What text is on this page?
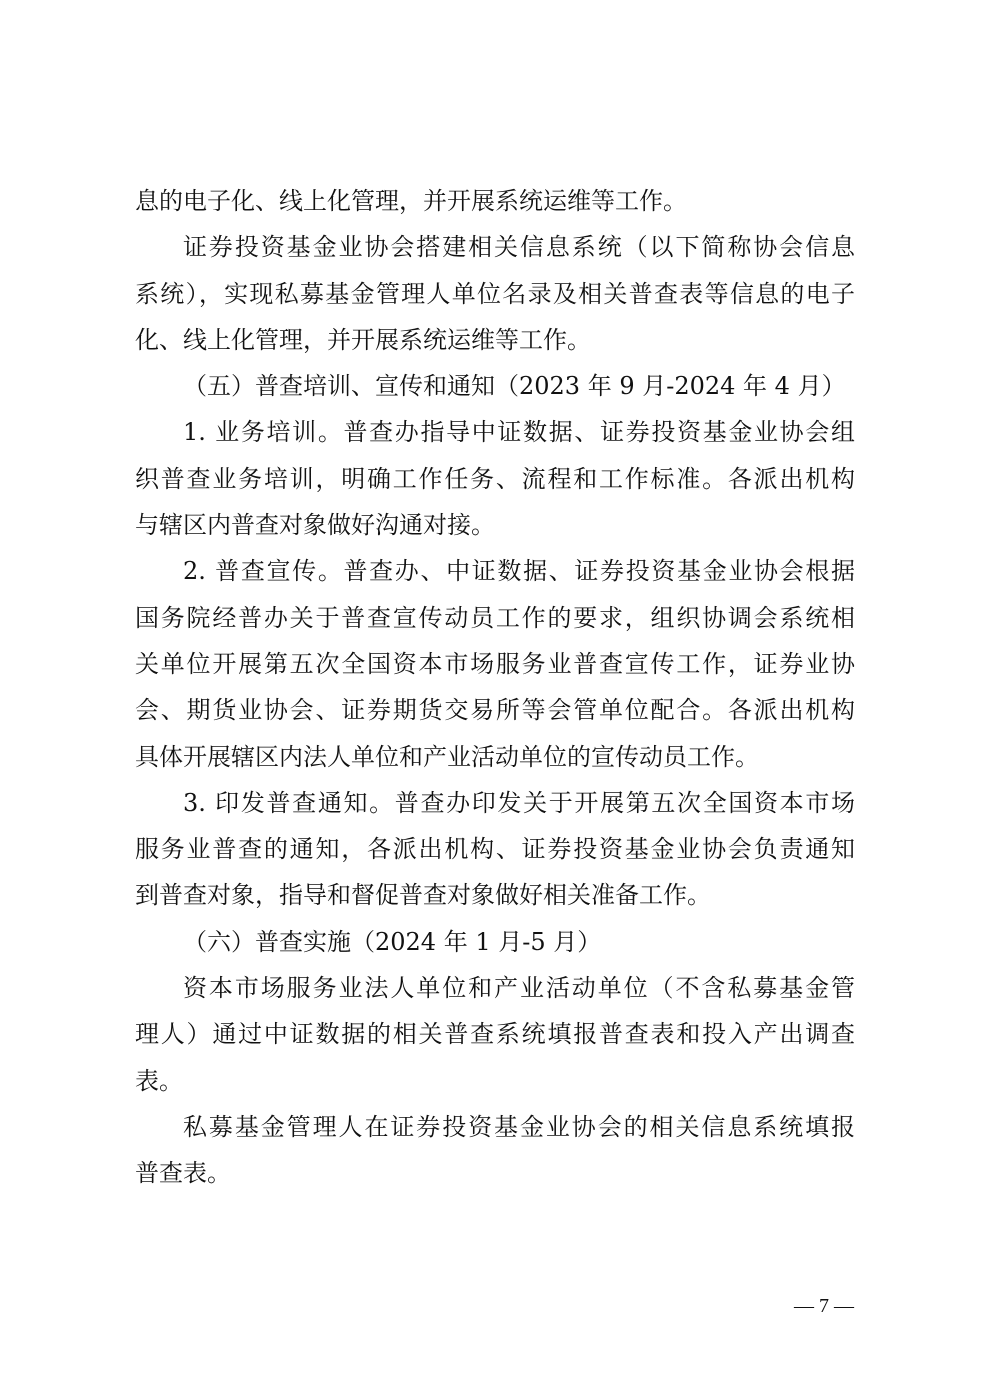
息的电子化、线上化管理，并开展系统运维等工作。
证券投资基金业协会搭建相关信息系统（以下简称协会信息
系统），实现私募基金管理人单位名录及相关普查表等信息的电子
化、线上化管理，并开展系统运维等工作。
（五）普查培训、宣传和通知（2023 年 9 月-2024 年 4 月）
1. 业务培训。普查办指导中证数据、证券投资基金业协会组
织普查业务培训，明确工作任务、流程和工作标准。各派出机构
与辖区内普查对象做好沟通对接。
2. 普查宣传。普查办、中证数据、证券投资基金业协会根据
国务院经普办关于普查宣传动员工作的要求，组织协调会系统相
关单位开展第五次全国资本市场服务业普查宣传工作，证券业协
会、期货业协会、证券期货交易所等会管单位配合。各派出机构
具体开展辖区内法人单位和产业活动单位的宣传动员工作。
3. 印发普查通知。普查办印发关于开展第五次全国资本市场
服务业普查的通知，各派出机构、证券投资基金业协会负责通知
到普查对象，指导和督促普查对象做好相关准备工作。
（六）普查实施（2024 年 1 月-5 月）
资本市场服务业法人单位和产业活动单位（不含私募基金管
理人）通过中证数据的相关普查系统填报普查表和投入产出调查
表。
私募基金管理人在证券投资基金业协会的相关信息系统填报
普查表。
— 7 —
